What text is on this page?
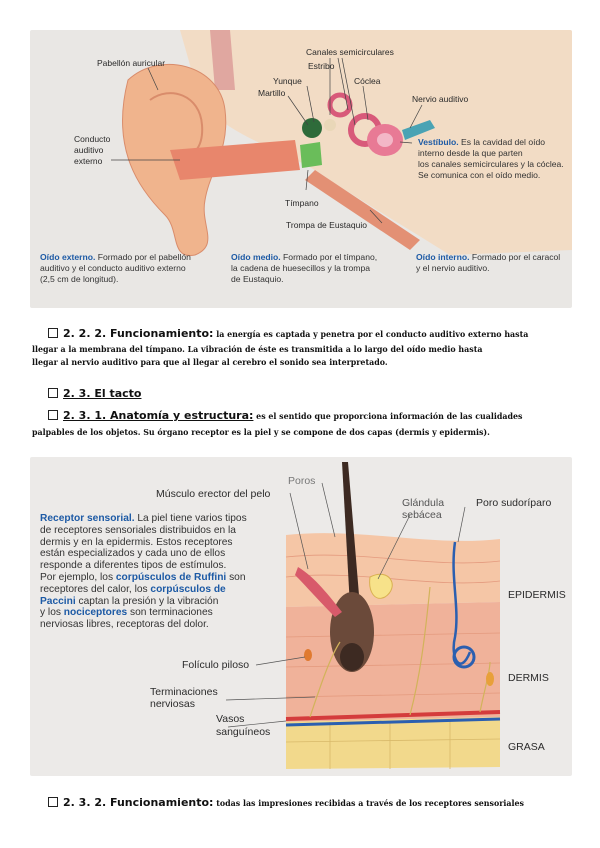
Pabellón auricular
Canales semicirculares
Estribo
Yunque	Cóclea
Martillo
Nervio auditivo
Conducto
auditivo
externo
Tímpano
Trompa de Eustaquio
Vestíbulo. Es la cavidad del oído
interno desde la que parten
los canales semicirculares y la cóclea.
Se comunica con el oído medio.
Oído externo. Formado por el pabellón
auditivo y el conducto auditivo externo
(2,5 cm de longitud).
Oído medio. Formado por el tímpano,
la cadena de huesecillos y la trompa
de Eustaquio.
Oído interno. Formado por el caracol
y el nervio auditivo.
2. 2. 2. Funcionamiento: la energía es captada y penetra por el conducto auditivo externo hasta
llegar a la membrana del tímpano. La vibración de éste es transmitida a lo largo del oído medio hasta
llegar al nervio auditivo para que al llegar al cerebro el sonido sea interpretado.
2. 3. El tacto
2. 3. 1. Anatomía y estructura: es el sentido que proporciona información de las cualidades
palpables de los objetos. Su órgano receptor es la piel y se compone de dos capas (dermis y epidermis).
Poros
Músculo erector del pelo
Glándula
sebácea
Poro sudoríparo
EPIDERMIS
DERMIS
GRASA
Folículo piloso
Terminaciones
nerviosas
Vasos
sanguíneos
Receptor sensorial. La piel tiene varios tipos
de receptores sensoriales distribuidos en la
dermis y en la epidermis. Estos receptores
están especializados y cada uno de ellos
responde a diferentes tipos de estímulos.
Por ejemplo, los corpúsculos de Ruffini son
receptores del calor, los corpúsculos de
Paccini captan la presión y la vibración
y los nociceptores son terminaciones
nerviosas libres, receptoras del dolor.
2. 3. 2. Funcionamiento: todas las impresiones recibidas a través de los receptores sensoriales
